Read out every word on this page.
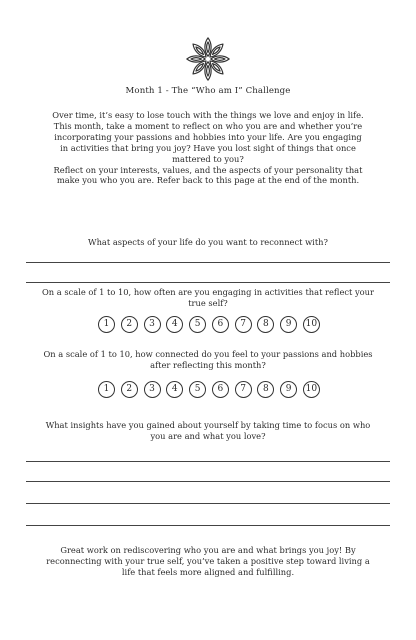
Month 1 - The “Who am I” Challenge

Over time, it’s easy to lose touch with the things we love and enjoy in life. This month, take a moment to reflect on who you are and whether you’re incorporating your passions and hobbies into your life. Are you engaging in activities that bring you joy? Have you lost sight of things that once mattered to you?

Reflect on your interests, values, and the aspects of your personality that make you who you are. Refer back to this page at the end of the month.

What aspects of your life do you want to reconnect with?
On a scale of 1 to 10, how often are you engaging in activities that reflect your true self?
1	2	3	4	5	6	7	8	9	10
On a scale of 1 to 10, how connected do you feel to your passions and hobbies after reflecting this month?
1	2	3	4	5	6	7	8	9	10
What insights have you gained about yourself by taking time to focus on who you are and what you love?
Great work on rediscovering who you are and what brings you joy! By reconnecting with your true self, you’ve taken a positive step toward living a life that feels more aligned and fulfilling.
